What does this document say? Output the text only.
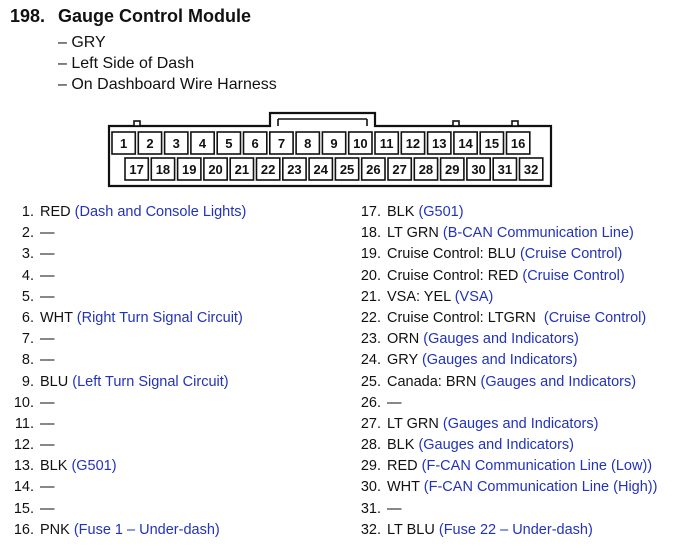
198. Gauge Control Module
– GRY
– Left Side of Dash
– On Dashboard Wire Harness
1 2 3 4 5 6 7 8 9 10 11 12 13 14 15 16
17 18 19 20 21 22 23 24 25 26 27 28 29 30 31 32
1. RED (Dash and Console Lights)
2. —
3. —
4. —
5. —
6. WHT (Right Turn Signal Circuit)
7. —
8. —
9. BLU (Left Turn Signal Circuit)
10. —
11. —
12. —
13. BLK (G501)
14. —
15. —
16. PNK (Fuse 1 – Under-dash)
17. BLK (G501)
18. LT GRN (B-CAN Communication Line)
19. Cruise Control: BLU (Cruise Control)
20. Cruise Control: RED (Cruise Control)
21. VSA: YEL (VSA)
22. Cruise Control: LTGRN  (Cruise Control)
23. ORN (Gauges and Indicators)
24. GRY (Gauges and Indicators)
25. Canada: BRN (Gauges and Indicators)
26. —
27. LT GRN (Gauges and Indicators)
28. BLK (Gauges and Indicators)
29. RED (F-CAN Communication Line (Low))
30. WHT (F-CAN Communication Line (High))
31. —
32. LT BLU (Fuse 22 – Under-dash)
